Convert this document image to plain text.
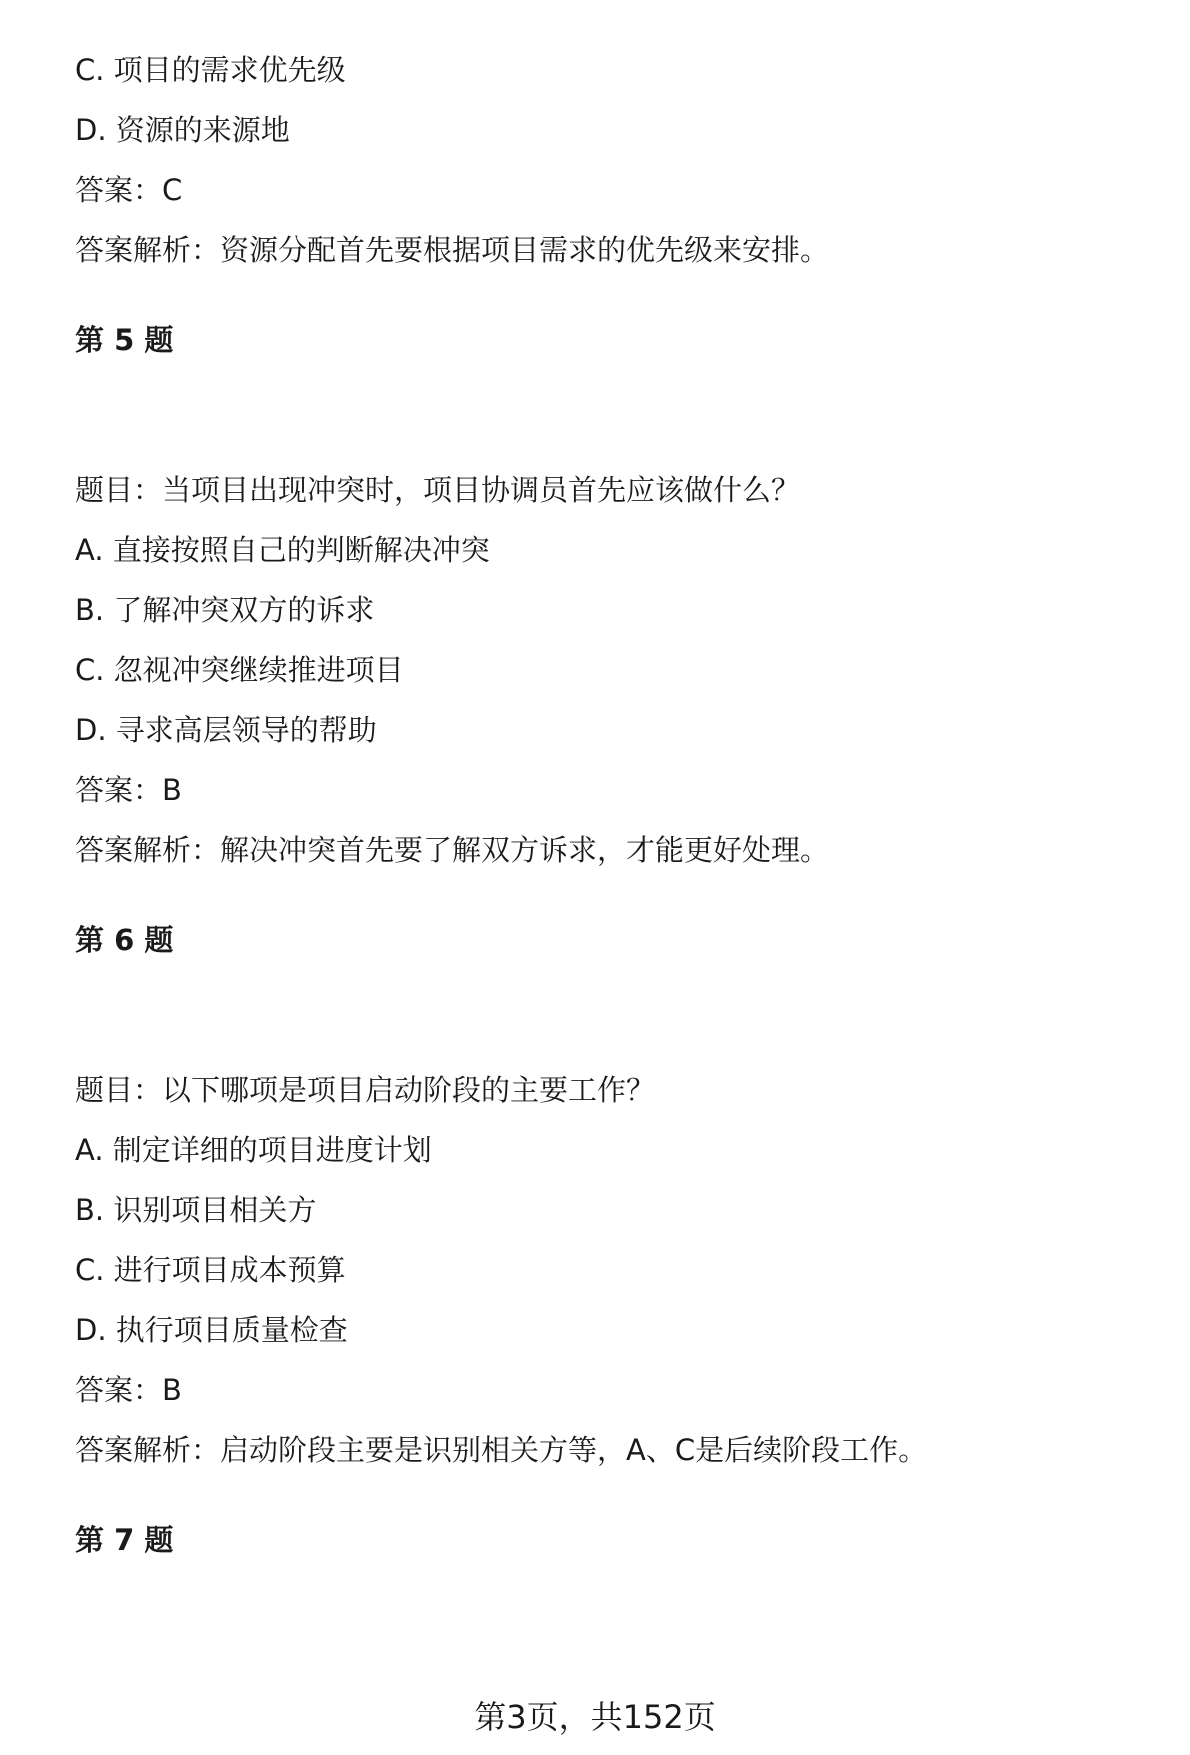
C. 项目的需求优先级
D. 资源的来源地
答案：C
答案解析：资源分配首先要根据项目需求的优先级来安排。
第 5 题
题目：当项目出现冲突时，项目协调员首先应该做什么？
A. 直接按照自己的判断解决冲突
B. 了解冲突双方的诉求
C. 忽视冲突继续推进项目
D. 寻求高层领导的帮助
答案：B
答案解析：解决冲突首先要了解双方诉求，才能更好处理。
第 6 题
题目：以下哪项是项目启动阶段的主要工作？
A. 制定详细的项目进度计划
B. 识别项目相关方
C. 进行项目成本预算
D. 执行项目质量检查
答案：B
答案解析：启动阶段主要是识别相关方等，A、C是后续阶段工作。
第 7 题
第3页，共152页
